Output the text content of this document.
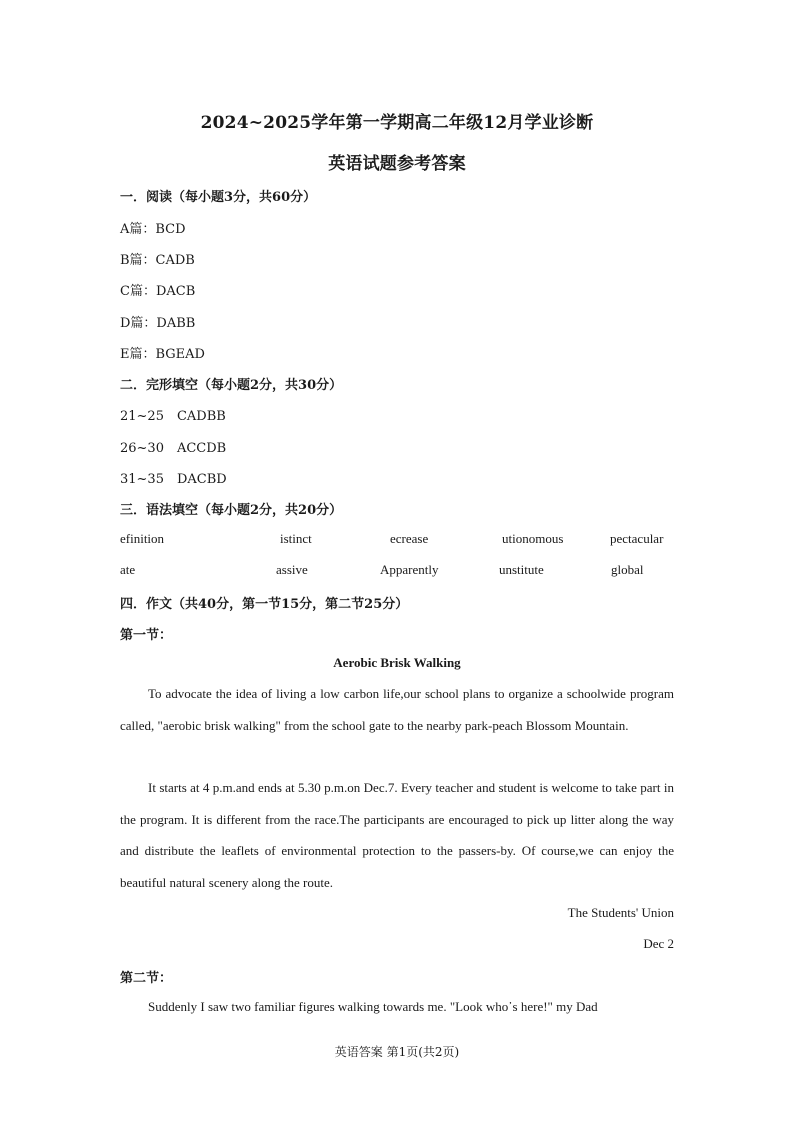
2024~2025学年第一学期高二年级12月学业诊断
英语试题参考答案
一．阅读（每小题3分，共60分）
A篇：BCD
B篇：CADB
C篇：DACB
D篇：DABB
E篇：BGEAD
二．完形填空（每小题2分，共30分）
21~25　CADBB
26~30　ACCDB
31~35　DACBD
三．语法填空（每小题2分，共20分）
efinition	istinct	ecrease	utionomous	pectacular
ate	assive	Apparently	unstitute	global
四．作文（共40分，第一节15分，第二节25分）
第一节：
Aerobic Brisk Walking
To advocate the idea of living a low carbon life,our school plans to organize a schoolwide program called, "aerobic brisk walking" from the school gate to the nearby park-peach Blossom Mountain.
It starts at 4 p.m.and ends at 5.30 p.m.on Dec.7. Every teacher and student is welcome to take part in the program. It is different from the race.The participants are encouraged to pick up litter along the way and distribute the leaflets of environmental protection to the passers-by. Of course,we can enjoy the beautiful natural scenery along the route.
The Students' Union
Dec 2
第二节：
Suddenly I saw two familiar figures walking towards me. "Look who᾽s here!" my Dad
英语答案 第1页(共2页)
